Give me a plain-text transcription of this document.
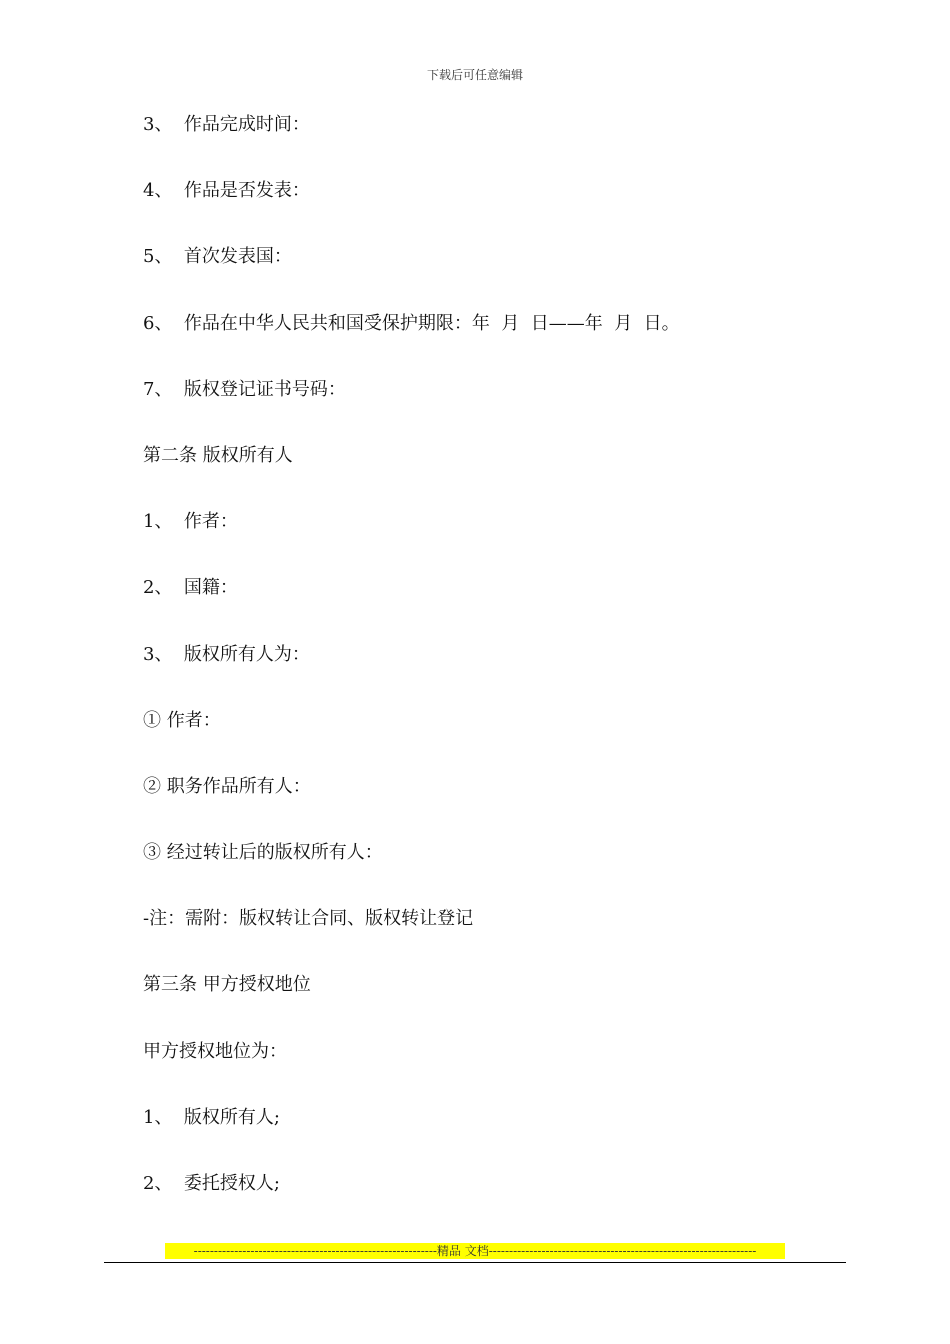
下载后可任意编辑
3、  作品完成时间：
4、  作品是否发表：
5、  首次发表国：
6、  作品在中华人民共和国受保护期限：年  月  日——年  月  日。
7、  版权登记证书号码：
第二条 版权所有人
1、  作者：
2、  国籍：
3、  版权所有人为：
① 作者：
② 职务作品所有人：
③ 经过转让后的版权所有人：
-注：需附：版权转让合同、版权转让登记
第三条 甲方授权地位
甲方授权地位为：
1、  版权所有人;
2、  委托授权人;
------------------------------------------------------------精品 文档------------------------------------------------------------------
